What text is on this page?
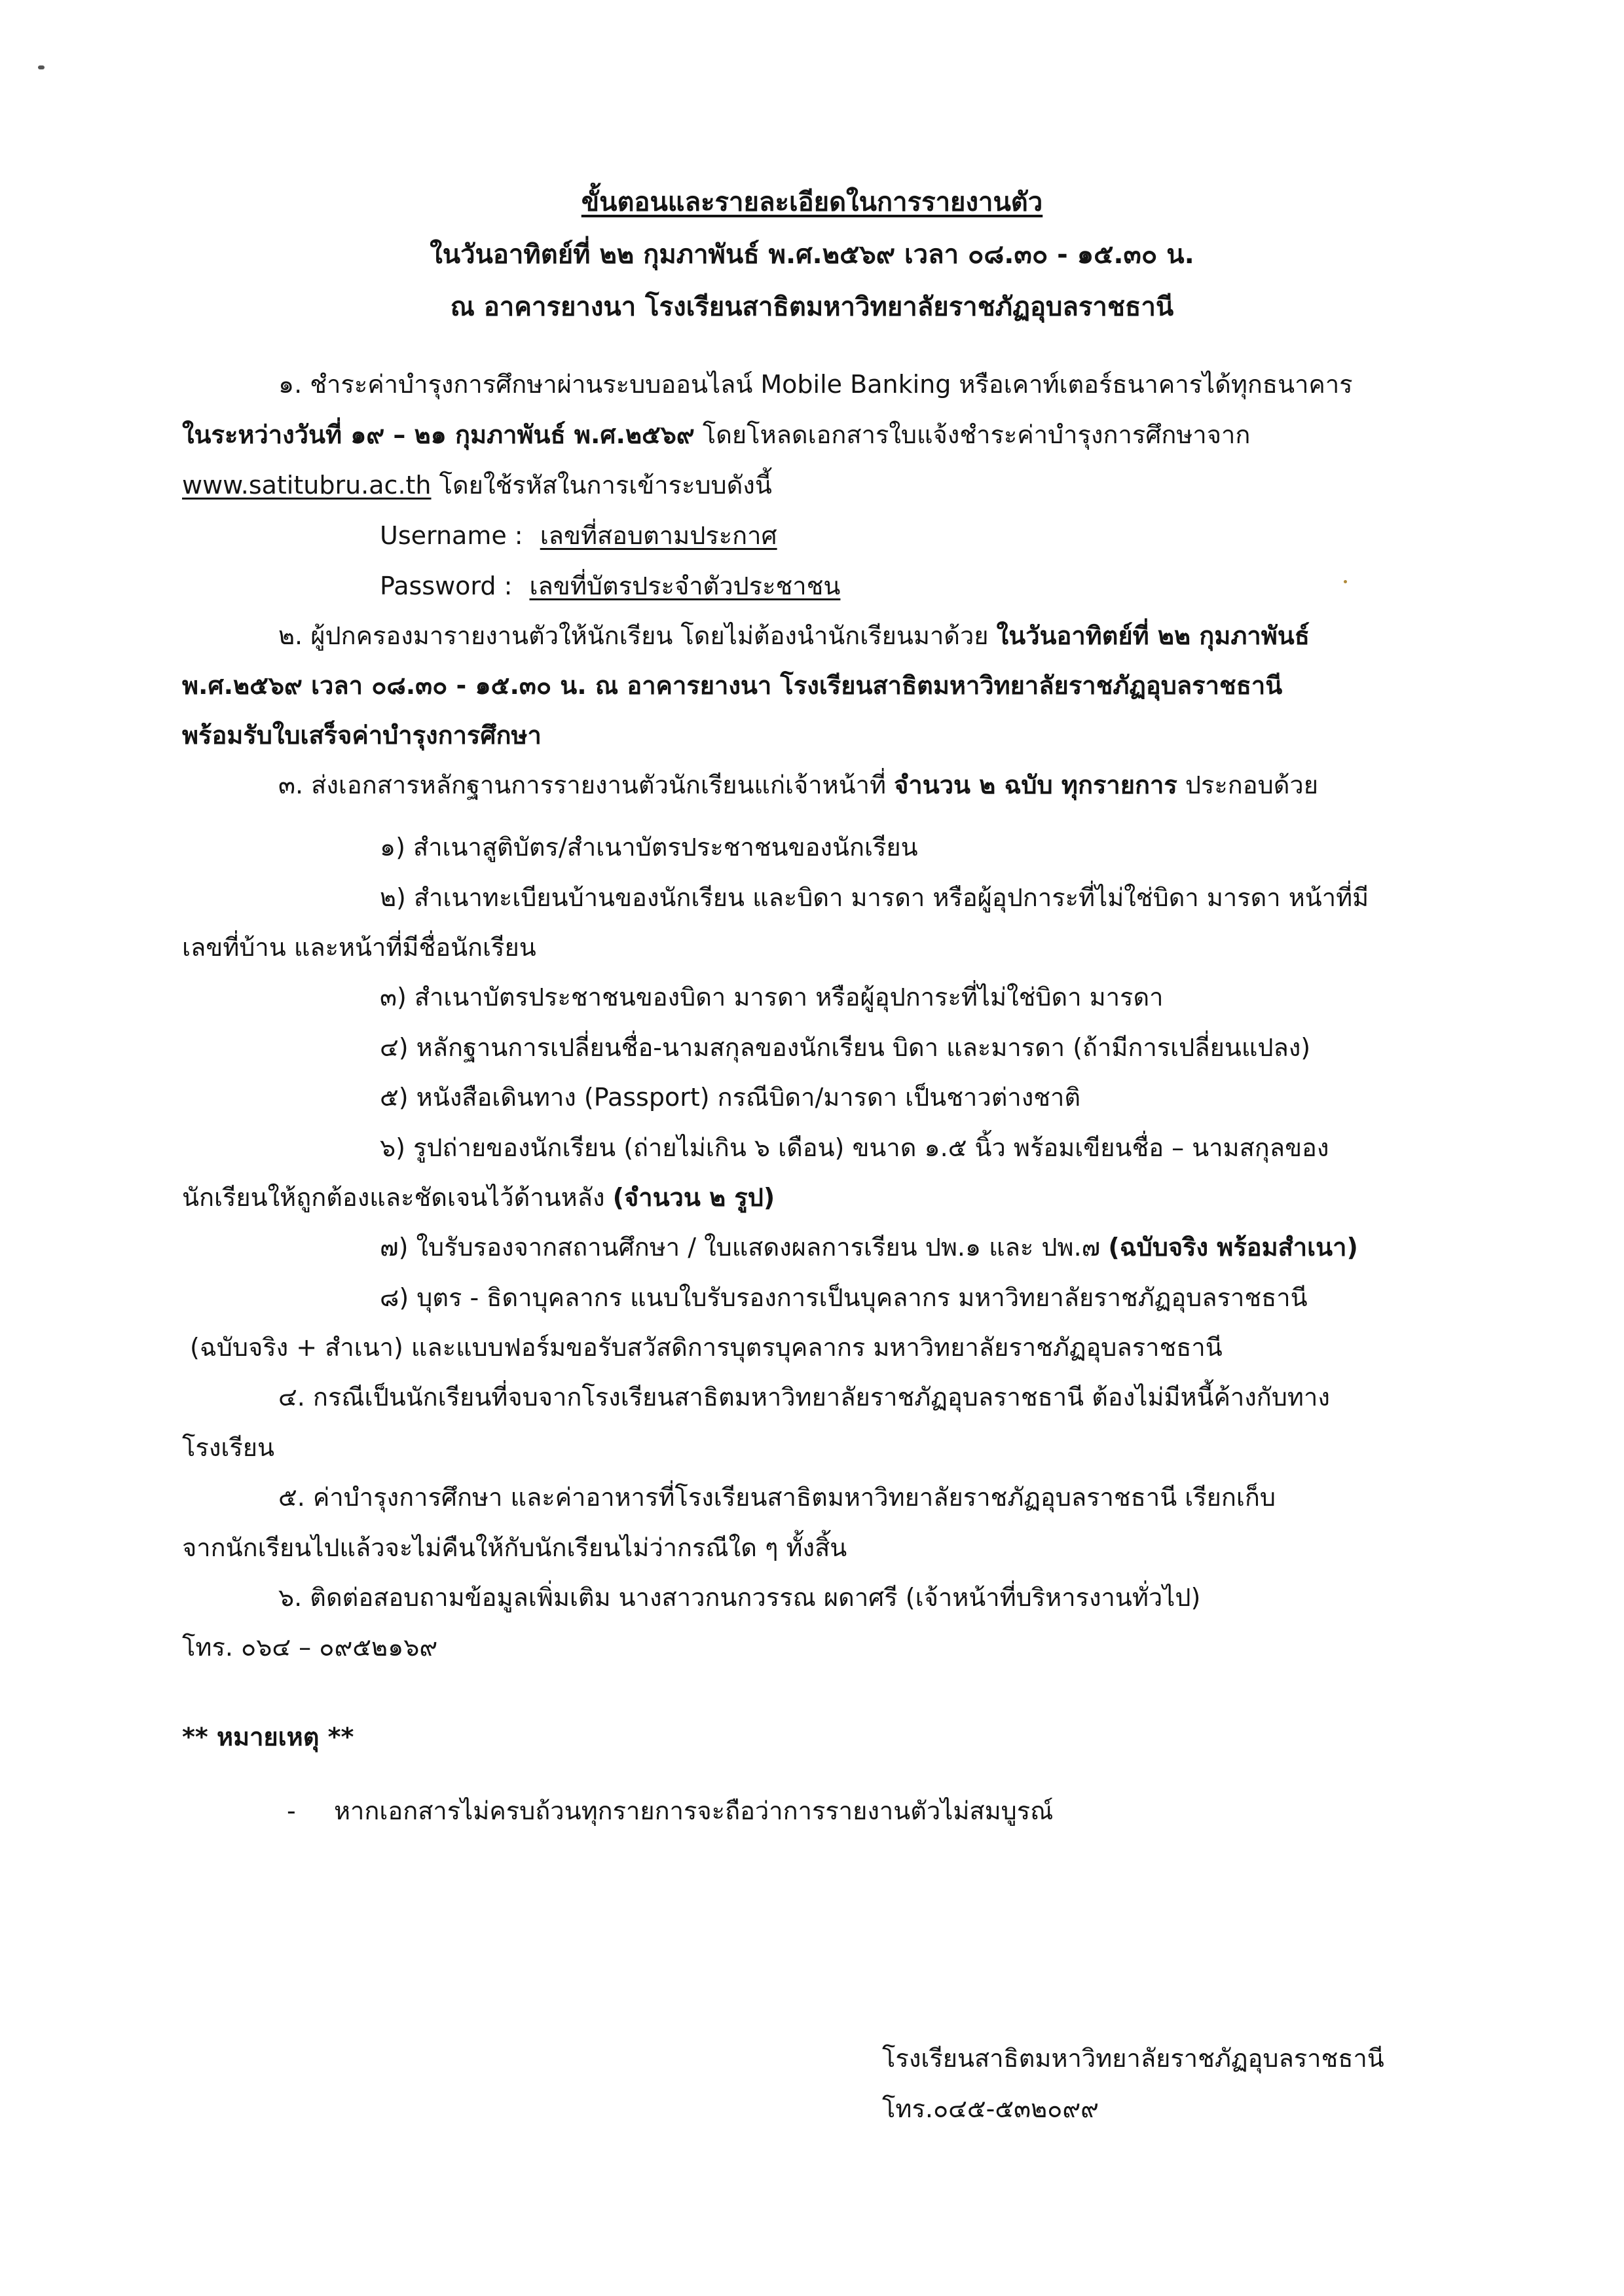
ขั้นตอนและรายละเอียดในการรายงานตัว
ในวันอาทิตย์ที่ ๒๒ กุมภาพันธ์ พ.ศ.๒๕๖๙ เวลา ๐๘.๓๐ - ๑๕.๓๐ น.
ณ อาคารยางนา โรงเรียนสาธิตมหาวิทยาลัยราชภัฏอุบลราชธานี
๑. ชำระค่าบำรุงการศึกษาผ่านระบบออนไลน์ Mobile Banking หรือเคาท์เตอร์ธนาคารได้ทุกธนาคาร
ในระหว่างวันที่ ๑๙ – ๒๑ กุมภาพันธ์ พ.ศ.๒๕๖๙ โดยโหลดเอกสารใบแจ้งชำระค่าบำรุงการศึกษาจาก
www.satitubru.ac.th โดยใช้รหัสในการเข้าระบบดังนี้
Username : เลขที่สอบตามประกาศ
Password : เลขที่บัตรประจำตัวประชาชน
๒. ผู้ปกครองมารายงานตัวให้นักเรียน โดยไม่ต้องนำนักเรียนมาด้วย ในวันอาทิตย์ที่ ๒๒ กุมภาพันธ์
พ.ศ.๒๕๖๙ เวลา ๐๘.๓๐ - ๑๕.๓๐ น. ณ อาคารยางนา โรงเรียนสาธิตมหาวิทยาลัยราชภัฏอุบลราชธานี
พร้อมรับใบเสร็จค่าบำรุงการศึกษา
๓. ส่งเอกสารหลักฐานการรายงานตัวนักเรียนแก่เจ้าหน้าที่ จำนวน ๒ ฉบับ ทุกรายการ ประกอบด้วย
๑) สำเนาสูติบัตร/สำเนาบัตรประชาชนของนักเรียน
๒) สำเนาทะเบียนบ้านของนักเรียน และบิดา มารดา หรือผู้อุปการะที่ไม่ใช่บิดา มารดา หน้าที่มี
เลขที่บ้าน และหน้าที่มีชื่อนักเรียน
๓) สำเนาบัตรประชาชนของบิดา มารดา หรือผู้อุปการะที่ไม่ใช่บิดา มารดา
๔) หลักฐานการเปลี่ยนชื่อ-นามสกุลของนักเรียน บิดา และมารดา (ถ้ามีการเปลี่ยนแปลง)
๕) หนังสือเดินทาง (Passport) กรณีบิดา/มารดา เป็นชาวต่างชาติ
๖) รูปถ่ายของนักเรียน (ถ่ายไม่เกิน ๖ เดือน) ขนาด ๑.๕ นิ้ว พร้อมเขียนชื่อ – นามสกุลของ
นักเรียนให้ถูกต้องและชัดเจนไว้ด้านหลัง (จำนวน ๒ รูป)
๗) ใบรับรองจากสถานศึกษา / ใบแสดงผลการเรียน ปพ.๑ และ ปพ.๗ (ฉบับจริง พร้อมสำเนา)
๘) บุตร - ธิดาบุคลากร แนบใบรับรองการเป็นบุคลากร มหาวิทยาลัยราชภัฏอุบลราชธานี
(ฉบับจริง + สำเนา) และแบบฟอร์มขอรับสวัสดิการบุตรบุคลากร มหาวิทยาลัยราชภัฏอุบลราชธานี
๔. กรณีเป็นนักเรียนที่จบจากโรงเรียนสาธิตมหาวิทยาลัยราชภัฏอุบลราชธานี ต้องไม่มีหนี้ค้างกับทาง
โรงเรียน
๕. ค่าบำรุงการศึกษา และค่าอาหารที่โรงเรียนสาธิตมหาวิทยาลัยราชภัฏอุบลราชธานี เรียกเก็บ
จากนักเรียนไปแล้วจะไม่คืนให้กับนักเรียนไม่ว่ากรณีใด ๆ ทั้งสิ้น
๖. ติดต่อสอบถามข้อมูลเพิ่มเติม นางสาวกนกวรรณ ผดาศรี (เจ้าหน้าที่บริหารงานทั่วไป)
โทร. ๐๖๔ – ๐๙๕๒๑๖๙
** หมายเหตุ **
- หากเอกสารไม่ครบถ้วนทุกรายการจะถือว่าการรายงานตัวไม่สมบูรณ์
โรงเรียนสาธิตมหาวิทยาลัยราชภัฏอุบลราชธานี
โทร.๐๔๕-๕๓๒๐๙๙
